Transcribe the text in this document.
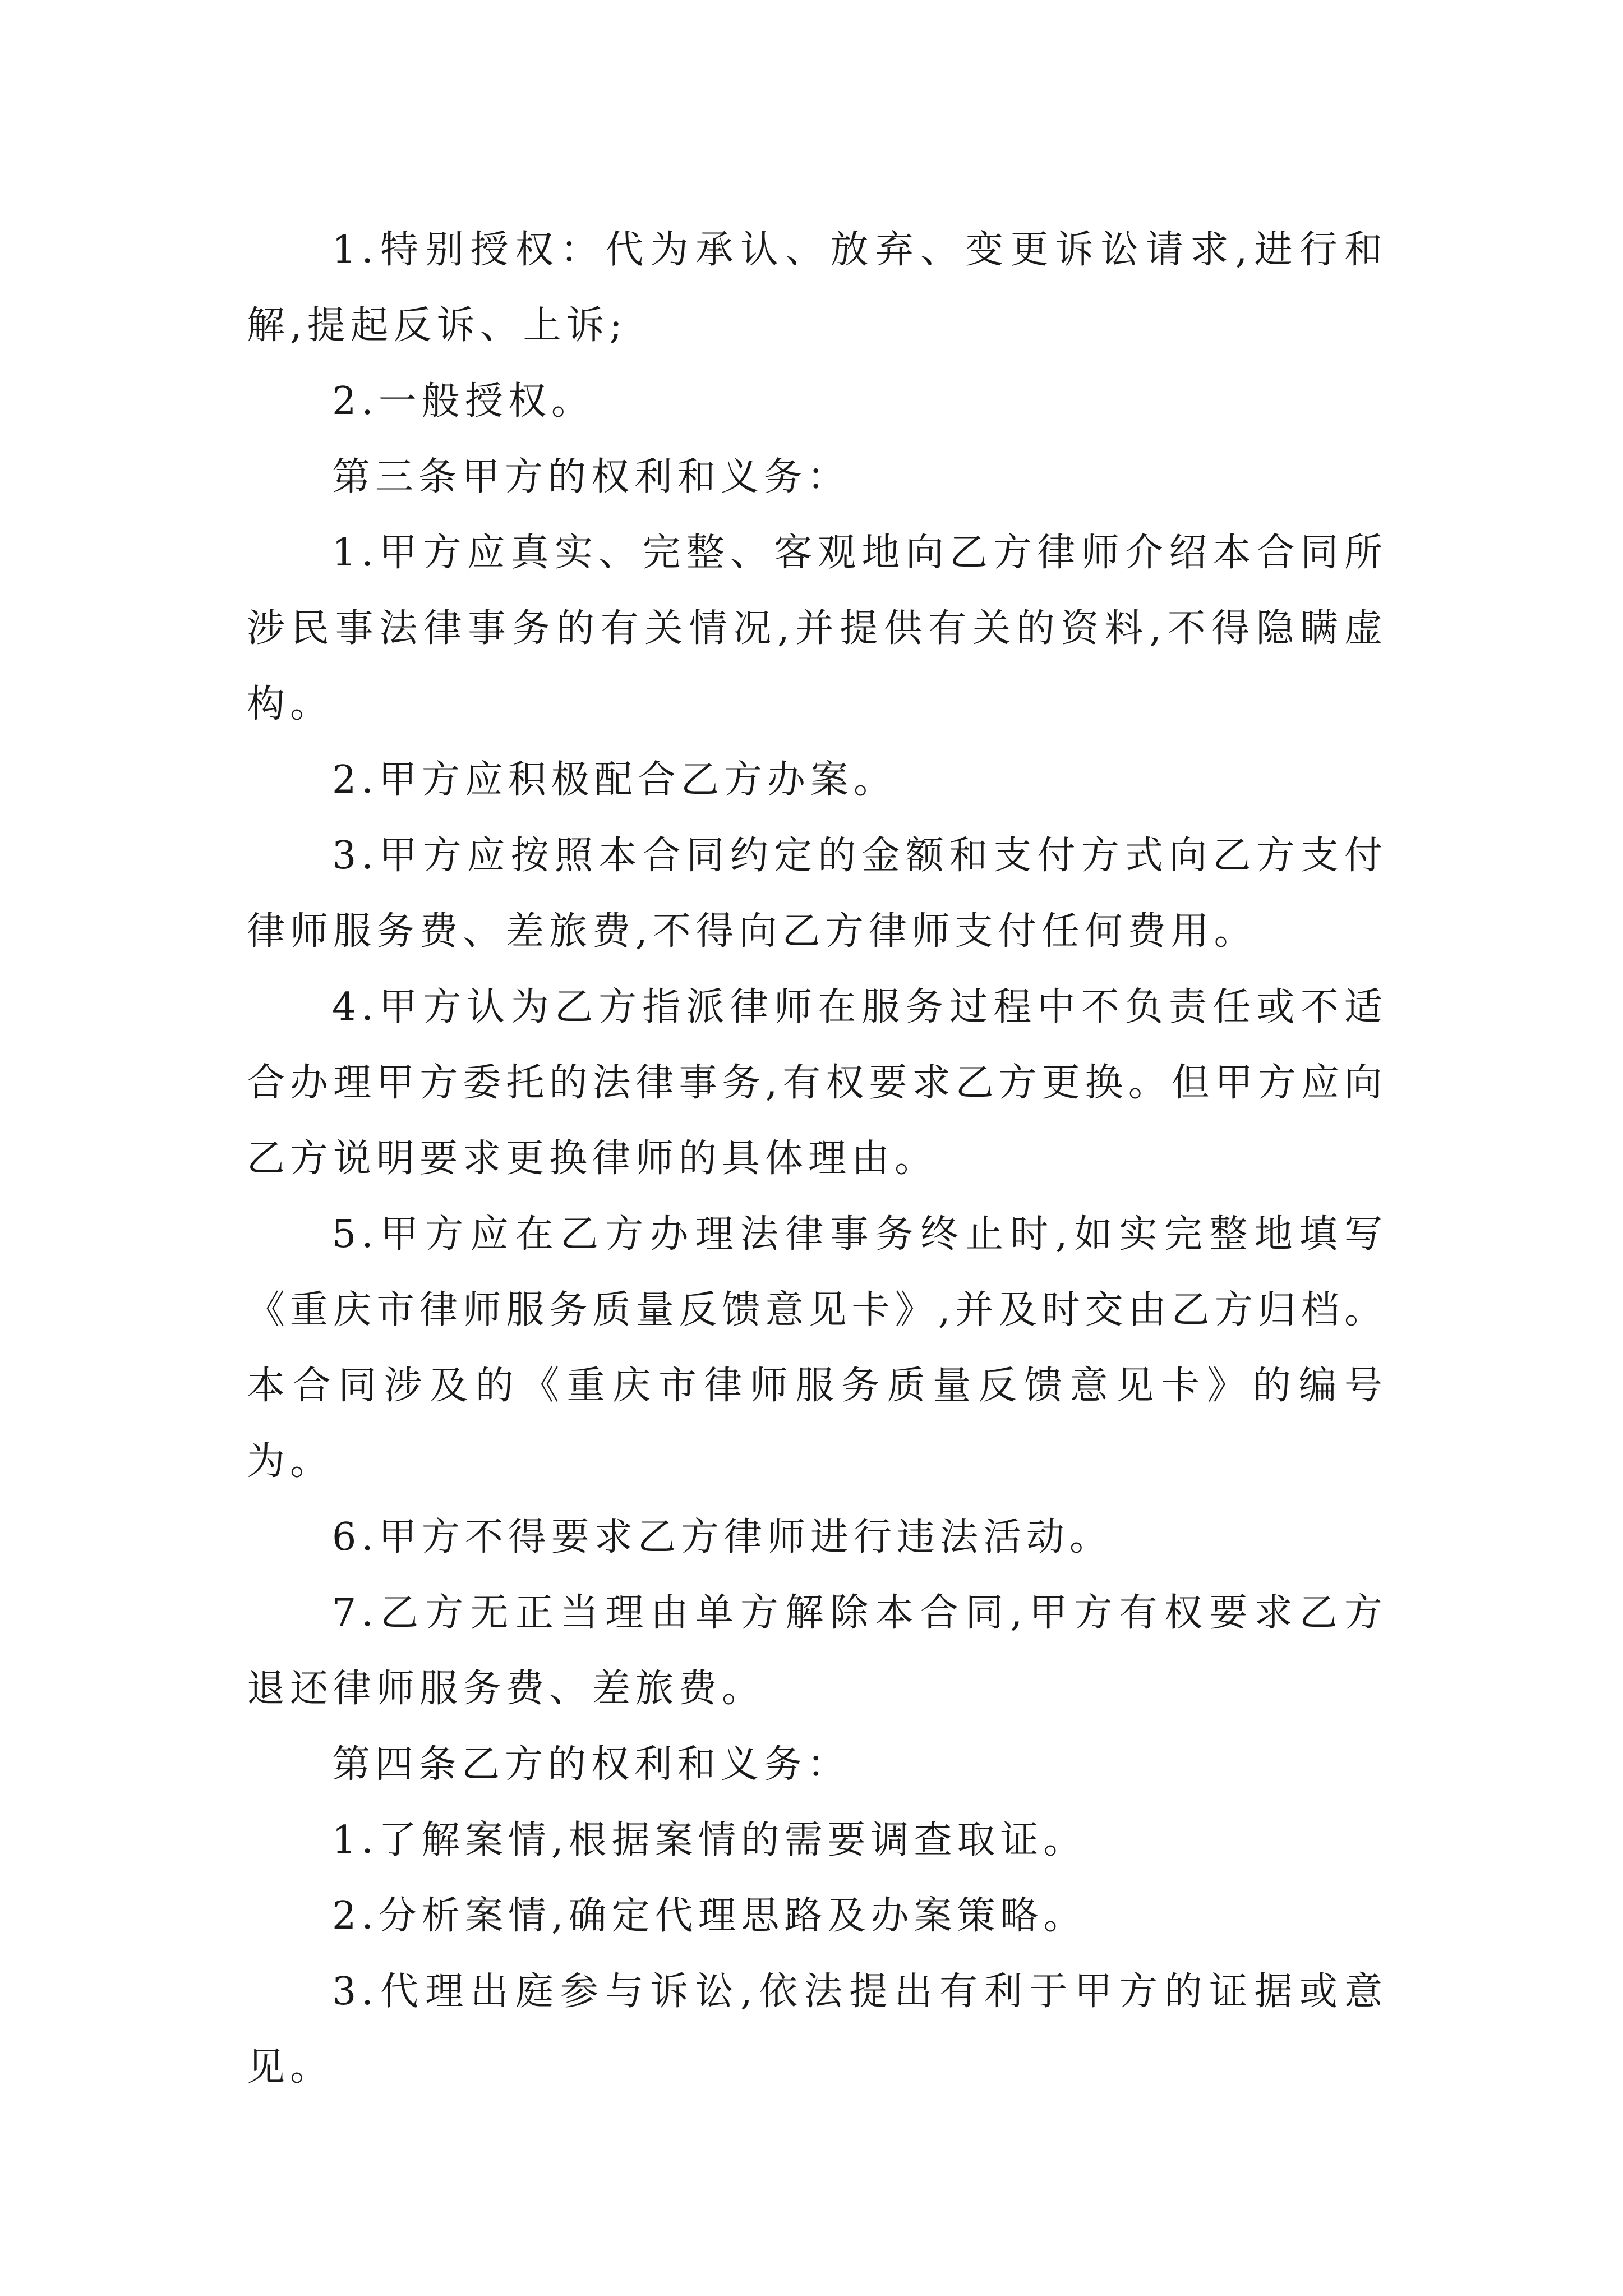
1.特别授权：代为承认、放弃、变更诉讼请求,进行和解,提起反诉、上诉;

2.一般授权。

第三条甲方的权利和义务：

1.甲方应真实、完整、客观地向乙方律师介绍本合同所涉民事法律事务的有关情况,并提供有关的资料,不得隐瞒虚构。

2.甲方应积极配合乙方办案。

3.甲方应按照本合同约定的金额和支付方式向乙方支付律师服务费、差旅费,不得向乙方律师支付任何费用。

4.甲方认为乙方指派律师在服务过程中不负责任或不适合办理甲方委托的法律事务,有权要求乙方更换。但甲方应向乙方说明要求更换律师的具体理由。

5.甲方应在乙方办理法律事务终止时,如实完整地填写《重庆市律师服务质量反馈意见卡》,并及时交由乙方归档。本合同涉及的《重庆市律师服务质量反馈意见卡》的编号为。

6.甲方不得要求乙方律师进行违法活动。

7.乙方无正当理由单方解除本合同,甲方有权要求乙方退还律师服务费、差旅费。

第四条乙方的权利和义务：

1.了解案情,根据案情的需要调查取证。

2.分析案情,确定代理思路及办案策略。

3.代理出庭参与诉讼,依法提出有利于甲方的证据或意见。
